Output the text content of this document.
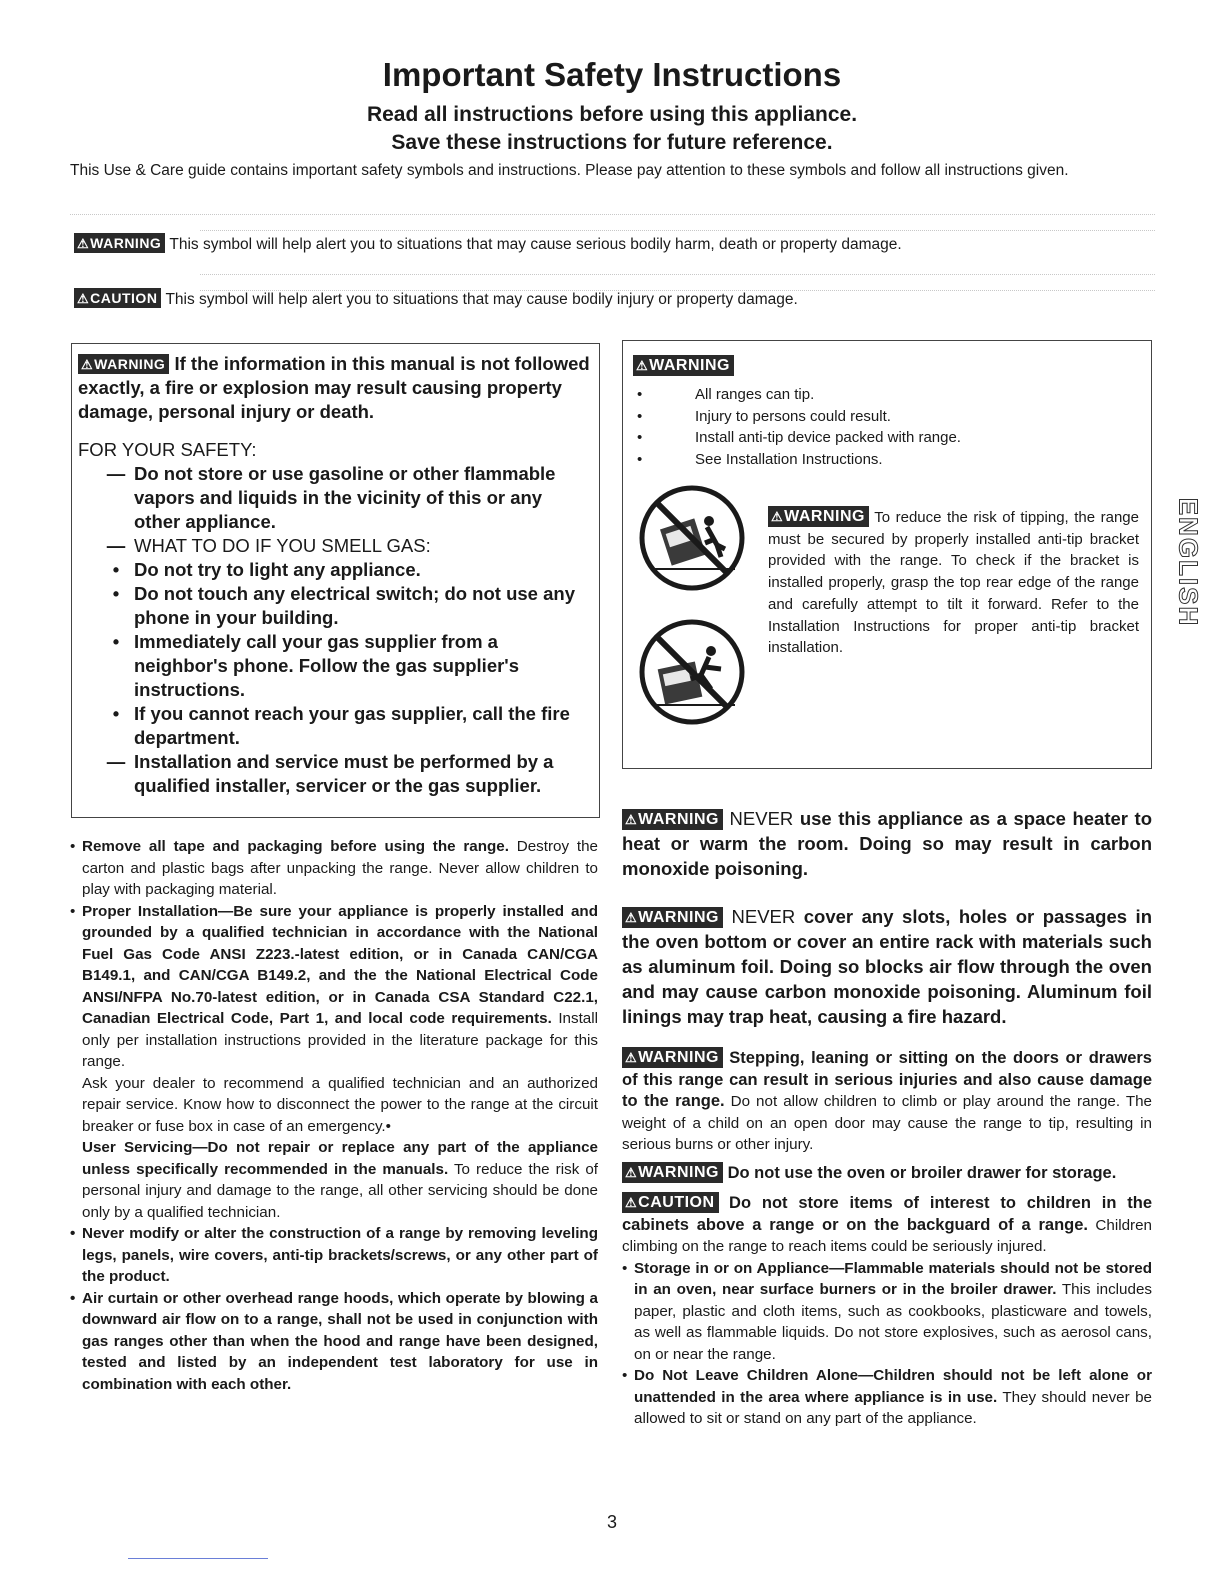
Important Safety Instructions
Read all instructions before using this appliance.
Save these instructions for future reference.
This Use & Care guide contains important safety symbols and instructions. Please pay attention to these symbols and follow all instructions given.
⚠WARNING This symbol will help alert you to situations that may cause serious bodily harm, death or property damage.
⚠CAUTION This symbol will help alert you to situations that may cause bodily injury or property damage.
⚠WARNING If the information in this manual is not followed exactly, a fire or explosion may result causing property damage, personal injury or death.
FOR YOUR SAFETY:
— Do not store or use gasoline or other flammable vapors and liquids in the vicinity of this or any other appliance.
— WHAT TO DO IF YOU SMELL GAS:
• Do not try to light any appliance.
• Do not touch any electrical switch; do not use any phone in your building.
• Immediately call your gas supplier from a neighbor's phone. Follow the gas supplier's instructions.
• If you cannot reach your gas supplier, call the fire department.
— Installation and service must be performed by a qualified installer, servicer or the gas supplier.
⚠WARNING
• All ranges can tip.
• Injury to persons could result.
• Install anti-tip device packed with range.
• See Installation Instructions.
⚠WARNING To reduce the risk of tipping, the range must be secured by properly installed anti-tip bracket provided with the range. To check if the bracket is installed properly, grasp the top rear edge of the range and carefully attempt to tilt it forward. Refer to the Installation Instructions for proper anti-tip bracket installation.
• Remove all tape and packaging before using the range. Destroy the carton and plastic bags after unpacking the range. Never allow children to play with packaging material.
• Proper Installation—Be sure your appliance is properly installed and grounded by a qualified technician in accordance with the National Fuel Gas Code ANSI Z223.-latest edition, or in Canada CAN/CGA B149.1, and CAN/CGA B149.2, and the the National Electrical Code ANSI/NFPA No.70-latest edition, or in Canada CSA Standard C22.1, Canadian Electrical Code, Part 1, and local code requirements. Install only per installation instructions provided in the literature package for this range.
Ask your dealer to recommend a qualified technician and an authorized repair service. Know how to disconnect the power to the range at the circuit breaker or fuse box in case of an emergency.•
User Servicing—Do not repair or replace any part of the appliance unless specifically recommended in the manuals. To reduce the risk of personal injury and damage to the range, all other servicing should be done only by a qualified technician.
• Never modify or alter the construction of a range by removing leveling legs, panels, wire covers, anti-tip brackets/screws, or any other part of the product.
• Air curtain or other overhead range hoods, which operate by blowing a downward air flow on to a range, shall not be used in conjunction with gas ranges other than when the hood and range have been designed, tested and listed by an independent test laboratory for use in combination with each other.
⚠WARNING NEVER use this appliance as a space heater to heat or warm the room. Doing so may result in carbon monoxide poisoning.
⚠WARNING NEVER cover any slots, holes or passages in the oven bottom or cover an entire rack with materials such as aluminum foil. Doing so blocks air flow through the oven and may cause carbon monoxide poisoning. Aluminum foil linings may trap heat, causing a fire hazard.
⚠WARNING Stepping, leaning or sitting on the doors or drawers of this range can result in serious injuries and also cause damage to the range. Do not allow children to climb or play around the range. The weight of a child on an open door may cause the range to tip, resulting in serious burns or other injury.
⚠WARNING Do not use the oven or broiler drawer for storage.
⚠CAUTION Do not store items of interest to children in the cabinets above a range or on the backguard of a range. Children climbing on the range to reach items could be seriously injured.
• Storage in or on Appliance—Flammable materials should not be stored in an oven, near surface burners or in the broiler drawer. This includes paper, plastic and cloth items, such as cookbooks, plasticware and towels, as well as flammable liquids. Do not store explosives, such as aerosol cans, on or near the range.
• Do Not Leave Children Alone—Children should not be left alone or unattended in the area where appliance is in use. They should never be allowed to sit or stand on any part of the appliance.
3
ENGLISH
